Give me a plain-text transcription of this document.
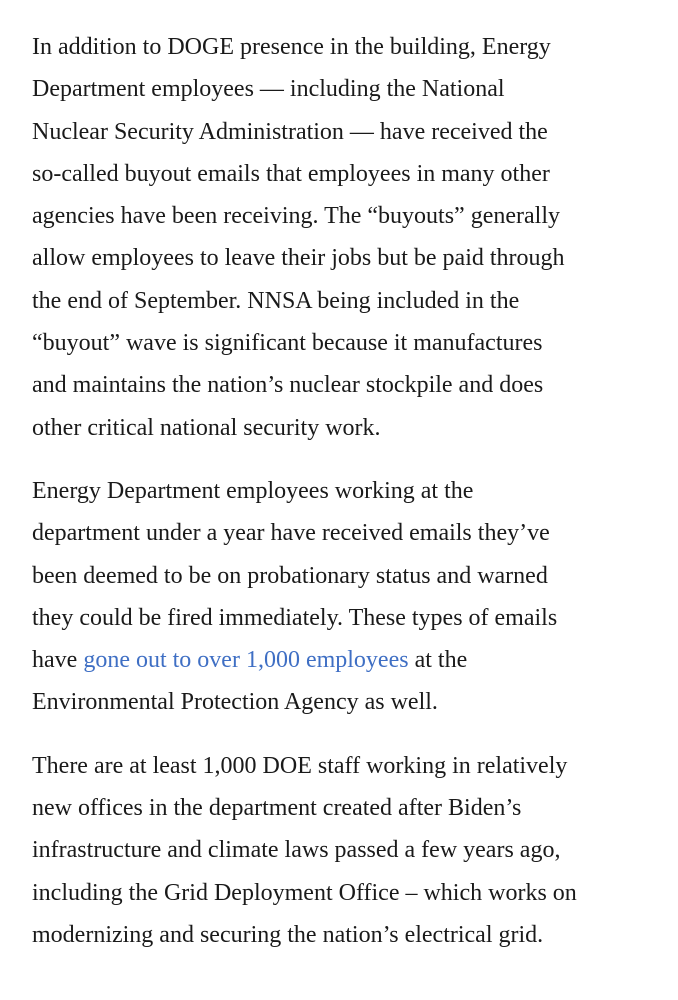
In addition to DOGE presence in the building, Energy
Department employees — including the National
Nuclear Security Administration — have received the
so-called buyout emails that employees in many other
agencies have been receiving. The “buyouts” generally
allow employees to leave their jobs but be paid through
the end of September. NNSA being included in the
“buyout” wave is significant because it manufactures
and maintains the nation’s nuclear stockpile and does
other critical national security work.

Energy Department employees working at the
department under a year have received emails they’ve
been deemed to be on probationary status and warned
they could be fired immediately. These types of emails
have gone out to over 1,000 employees at the
Environmental Protection Agency as well.

There are at least 1,000 DOE staff working in relatively
new offices in the department created after Biden’s
infrastructure and climate laws passed a few years ago,
including the Grid Deployment Office – which works on
modernizing and securing the nation’s electrical grid.
